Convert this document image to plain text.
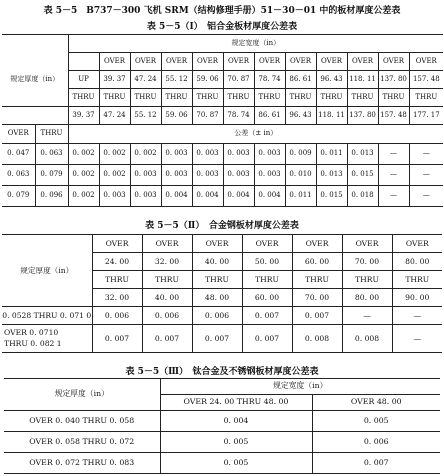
表 5－5　B737－300 飞机 SRM（结构修理手册）51－30－01 中的板材厚度公差表
表 5－5（Ⅰ）　铝合金板材厚度公差表
		规定宽度（in）											
			OVER	OVER	OVER	OVER	OVER	OVER	OVER	OVER	OVER	OVER	OVER
规定厚度（in）		UP	39. 37	47. 24	55. 12	59. 06	70. 87	78. 74	86. 61	96. 43	118. 11	137. 80	157. 48
		THRU	THRU	THRU	THRU	THRU	THRU	THRU	THRU	THRU	THRU	THRU	THRU
		39. 37	47. 24	55. 12	59. 06	70. 87	78. 74	86. 61	96. 43	118. 11	137. 80	157. 48	177. 17
OVER	THRU	公差（± in）											
0. 047	0. 063	0. 002	0. 002	0. 002	0. 003	0. 003	0. 003	0. 003	0. 009	0. 011	0. 013	—	—
0. 063	0. 079	0. 002	0. 002	0. 003	0. 003	0. 003	0. 003	0. 003	0. 010	0. 013	0. 015	—	—
0. 079	0. 096	0. 002	0. 003	0. 003	0. 004	0. 004	0. 004	0. 004	0. 011	0. 015	0. 018	—	—
表 5－5（Ⅱ）　合金钢板材厚度公差表
规定厚度（in）	OVER	OVER	OVER	OVER	OVER	OVER	OVER
	24. 00	32. 00	40. 00	50. 00	60. 00	70. 00	80. 00
	THRU	THRU	THRU	THRU	THRU	THRU	THRU
	32. 00	40. 00	48. 00	60. 00	70. 00	80. 00	90. 00
0. 0528 THRU 0. 071 0	0. 006	0. 006	0. 006	0. 007	0. 007	—	—

OVER 0. 0710
THRU 0. 082 1	0. 007	0. 007	0. 007	0. 007	0. 008	0. 008	—
表 5－5（Ⅲ）　钛合金及不锈钢板材厚度公差表
规定厚度（in）	规定宽度（in）	
	OVER 24. 00 THRU 48. 00	OVER 48. 00
OVER 0. 040 THRU 0. 058	0. 004	0. 005
OVER 0. 058 THRU 0. 072	0. 005	0. 006
OVER 0. 072 THRU 0. 083	0. 005	0. 007
